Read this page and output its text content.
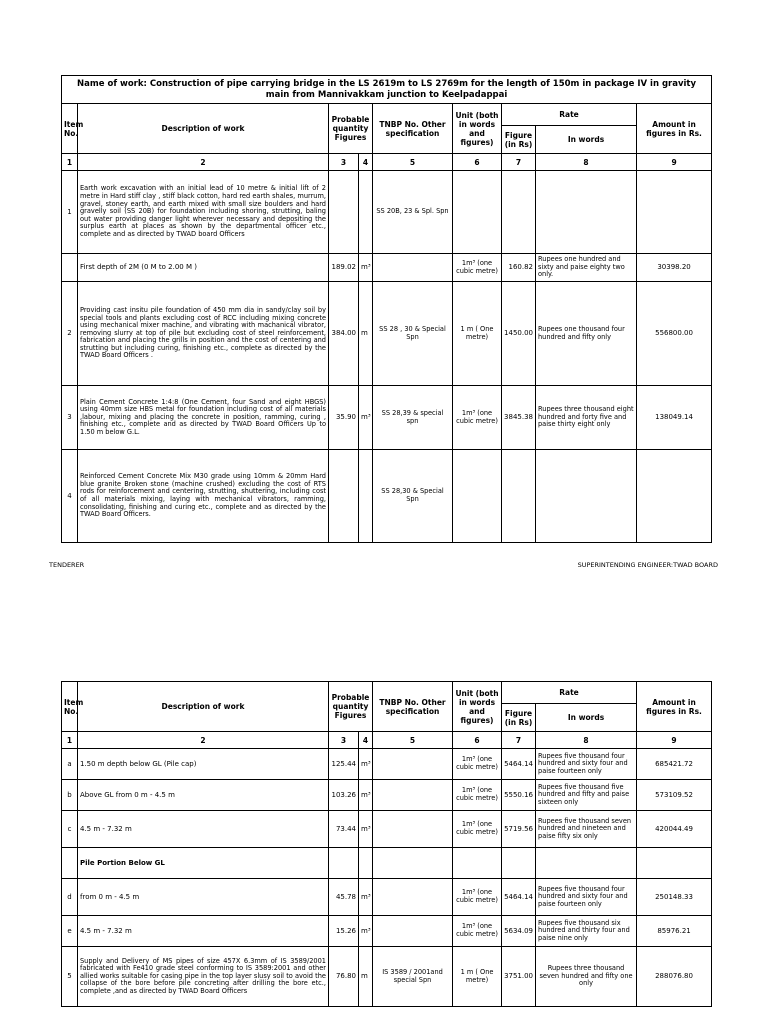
Name of work: Construction of pipe carrying bridge in the LS 2619m to LS 2769m for the length of 150m in package IV in gravity main from Mannivakkam junction to Keelpadappai								
Item No.	Description of work	Probable quantity Figures		TNBP No. Other specification	Unit (both in words and figures)	Rate		Amount in figures in Rs.
						Figure (in Rs)	In words	
1	2	3	4	5	6	7	8	9
1	Earth work excavation with an initial lead of 10 metre & initial lift of 2 metre in Hard stiff clay , stiff black cotton, hard red earth shales, murrum, gravel, stoney earth, and earth mixed with small size boulders and hard gravelly soil (SS 20B) for foundation including shoring, strutting, baling out water providing danger light wherever necessary and depositing the surplus earth at places as shown by the departmental officer etc., complete and as directed by TWAD board Officers			SS 20B, 23 & Spl. Spn				
	First depth of 2M (0 M to 2.00 M )	189.02	m³		1m³ (one cubic metre)	160.82	Rupees one hundred and sixty and paise eighty two only.	30398.20
2	Providing cast insitu pile foundation of 450 mm dia in sandy/clay soil by special tools and plants excluding cost of RCC including mixing concrete using mechanical mixer machine, and vibrating with machanical vibrator, removing slurry at top of pile but excluding cost of steel reinforcement, fabrication and placing the grills in position and the cost of centering and strutting but including curing, finishing etc., complete as directed by the TWAD Board Officers .	384.00	m	SS 28 , 30 & Special Spn	1 m ( One metre)	1450.00	Rupees one thousand four hundred and fifty only	556800.00
3	Plain Cement Concrete 1:4:8 (One Cement, four Sand and eight HBGS) using 40mm size HBS metal for foundation including cost of all materials ,labour, mixing and placing the concrete in position, ramming, curing , finishing etc., complete and as directed by TWAD Board Officers Up to 1.50 m below G.L.	35.90	m³	SS 28,39 & special spn	1m³ (one cubic metre)	3845.38	Rupees three thousand eight hundred and forty five and paise thirty eight only	138049.14
4	Reinforced Cement Concrete Mix M30 grade using 10mm & 20mm Hard blue granite Broken stone (machine crushed) excluding the cost of RTS rods for reinforcement and centering, strutting, shuttering, including cost of all materials mixing, laying with mechanical vibrators, ramming, consolidating, finishing and curing etc., complete and as directed by the TWAD Board Officers.			SS 28,30 & Special Spn				
TENDERER	SUPERINTENDING ENGINEER:TWAD BOARD
Item No.	Description of work	Probable quantity Figures		TNBP No. Other specification	Unit (both in words and figures)	Rate		Amount in figures in Rs.
						Figure (in Rs)	In words	
1	2	3	4	5	6	7	8	9
a	1.50 m depth below GL (Pile cap)	125.44	m³		1m³ (one cubic metre)	5464.14	Rupees five thousand four hundred and sixty four and paise fourteen only	685421.72
b	Above GL from 0 m - 4.5 m	103.26	m³		1m³ (one cubic metre)	5550.16	Rupees five thousand five hundred and fifty and paise sixteen only	573109.52
c	4.5 m - 7.32 m	73.44	m³		1m³ (one cubic metre)	5719.56	Rupees five thousand seven hundred and nineteen and paise fifty six only	420044.49
	Pile Portion Below GL							
d	from 0 m - 4.5 m	45.78	m³		1m³ (one cubic metre)	5464.14	Rupees five thousand four hundred and sixty four and paise fourteen only	250148.33
e	4.5 m - 7.32 m	15.26	m³		1m³ (one cubic metre)	5634.09	Rupees five thousand six hundred and thirty four and paise nine only	85976.21
5	Supply and Delivery of MS pipes of size 457X 6.3mm of IS 3589/2001 fabricated with Fe410 grade steel conforming to IS 3589:2001 and other allied works suitable for casing pipe in the top layer slusy soil to avoid the collapse of the bore before pile concreting after drilling the bore etc., complete ,and as directed by TWAD Board Officers	76.80	m	IS 3589 / 2001and special Spn	1 m ( One metre)	3751.00	Rupees three thousand seven hundred and fifty one only	288076.80
